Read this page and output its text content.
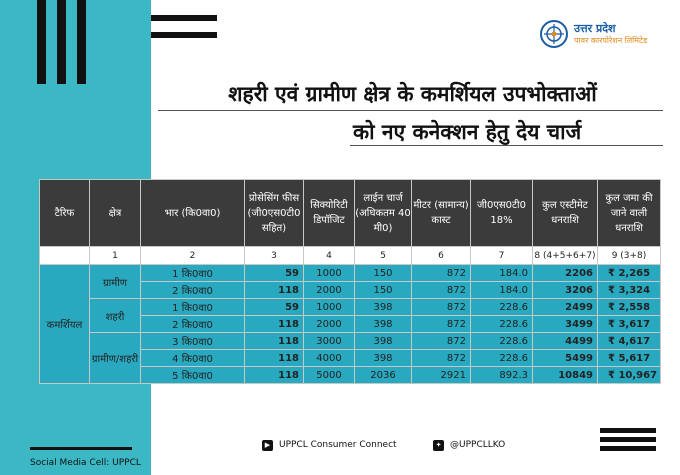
उत्तर प्रदेश
पावर कारपोरेशन लिमिटेड
शहरी एवं ग्रामीण क्षेत्र के कमर्शियल उपभोक्ताओं
को नए कनेक्शन हेतु देय चार्ज
टैरिफ	क्षेत्र	भार (कि0वा0)	प्रोसेसिंग फीस (जी0एस0टी0 सहित)	सिक्योरिटी डिपॉजिट	लाईन चार्ज (अधिकतम 40 मी0)	मीटर (सामान्य) कास्ट	जी0एस0टी0 18%	कुल एस्टीमेट धनराशि	कुल जमा की जाने वाली धनराशि
	1	2	3	4	5	6	7	8 (4+5+6+7)	9 (3+8)
कमर्शियल	ग्रामीण	1 कि0वा0	59	1000	150	872	184.0	2206	₹ 2,265
		2 कि0वा0	118	2000	150	872	184.0	3206	₹ 3,324
	शहरी	1 कि0वा0	59	1000	398	872	228.6	2499	₹ 2,558
		2 कि0वा0	118	2000	398	872	228.6	3499	₹ 3,617
	ग्रामीण/शहरी	3 कि0वा0	118	3000	398	872	228.6	4499	₹ 4,617
		4 कि0वा0	118	4000	398	872	228.6	5499	₹ 5,617
		5 कि0वा0	118	5000	2036	2921	892.3	10849	₹ 10,967
Social Media Cell: UPPCL
▶ UPPCL Consumer Connect	✦ @UPPCLLKO
